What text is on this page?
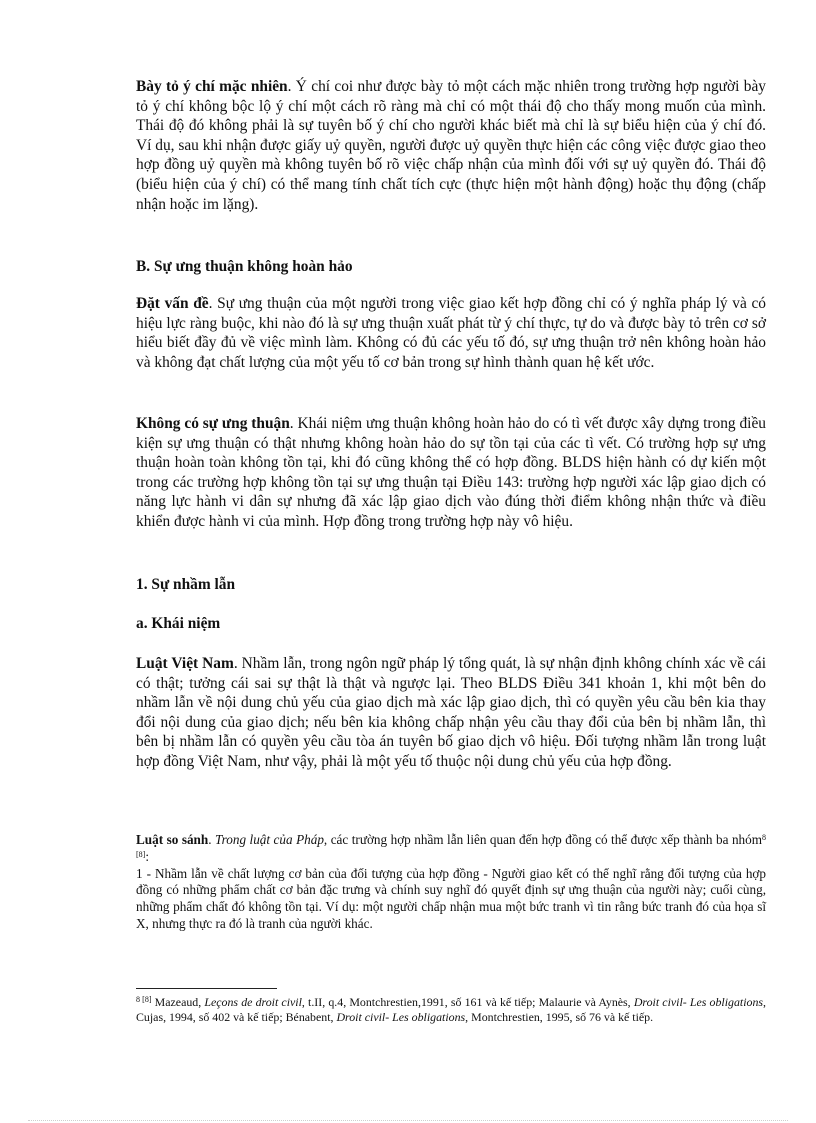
Bày tỏ ý chí mặc nhiên. Ý chí coi như được bày tỏ một cách mặc nhiên trong trường hợp người bày tỏ ý chí không bộc lộ ý chí một cách rõ ràng mà chỉ có một thái độ cho thấy mong muốn của mình. Thái độ đó không phải là sự tuyên bố ý chí cho người khác biết mà chỉ là sự biểu hiện của ý chí đó. Ví dụ, sau khi nhận được giấy uỷ quyền, người được uỷ quyền thực hiện các công việc được giao theo hợp đồng uỷ quyền mà không tuyên bố rõ việc chấp nhận của mình đối với sự uỷ quyền đó. Thái độ (biểu hiện của ý chí) có thể mang tính chất tích cực (thực hiện một hành động) hoặc thụ động (chấp nhận hoặc im lặng).

B. Sự ưng thuận không hoàn hảo

Đặt vấn đề. Sự ưng thuận của một người trong việc giao kết hợp đồng chỉ có ý nghĩa pháp lý và có hiệu lực ràng buộc, khi nào đó là sự ưng thuận xuất phát từ ý chí thực, tự do và được bày tỏ trên cơ sở hiểu biết đầy đủ về việc mình làm. Không có đủ các yếu tố đó, sự ưng thuận trở nên không hoàn hảo và không đạt chất lượng của một yếu tố cơ bản trong sự hình thành quan hệ kết ước.

Không có sự ưng thuận. Khái niệm ưng thuận không hoàn hảo do có tì vết được xây dựng trong điều kiện sự ưng thuận có thật nhưng không hoàn hảo do sự tồn tại của các tì vết. Có trường hợp sự ưng thuận hoàn toàn không tồn tại, khi đó cũng không thể có hợp đồng. BLDS hiện hành có dự kiến một trong các trường hợp không tồn tại sự ưng thuận tại Điều 143: trường hợp người xác lập giao dịch có năng lực hành vi dân sự nhưng đã xác lập giao dịch vào đúng thời điểm không nhận thức và điều khiển được hành vi của mình. Hợp đồng trong trường hợp này vô hiệu.

1. Sự nhầm lẫn
a. Khái niệm

Luật Việt Nam. Nhầm lẫn, trong ngôn ngữ pháp lý tổng quát, là sự nhận định không chính xác về cái có thật; tưởng cái sai sự thật là thật và ngược lại. Theo BLDS Điều 341 khoản 1, khi một bên do nhầm lẫn về nội dung chủ yếu của giao dịch mà xác lập giao dịch, thì có quyền yêu cầu bên kia thay đổi nội dung của giao dịch; nếu bên kia không chấp nhận yêu cầu thay đổi của bên bị nhầm lẫn, thì bên bị nhầm lẫn có quyền yêu cầu tòa án tuyên bố giao dịch vô hiệu. Đối tượng nhầm lẫn trong luật hợp đồng Việt Nam, như vậy, phải là một yếu tố thuộc nội dung chủ yếu của hợp đồng.

Luật so sánh. Trong luật của Pháp, các trường hợp nhầm lẫn liên quan đến hợp đồng có thể được xếp thành ba nhóm$^{8 [8]}$:

1 - Nhầm lẫn về chất lượng cơ bản của đối tượng của hợp đồng - Người giao kết có thể nghĩ rằng đối tượng của hợp đồng có những phẩm chất cơ bản đặc trưng và chính suy nghĩ đó quyết định sự ưng thuận của người này; cuối cùng, những phẩm chất đó không tồn tại. Ví dụ: một người chấp nhận mua một bức tranh vì tin rằng bức tranh đó của họa sĩ X, nhưng thực ra đó là tranh của người khác.

$^{8 [8]}$ Mazeaud, Leçons de droit civil, t.II, q.4, Montchrestien,1991, số 161 và kế tiếp; Malaurie và Aynès, Droit civil- Les obligations, Cujas, 1994, số 402 và kế tiếp; Bénabent, Droit civil- Les obligations, Montchrestien, 1995, số 76 và kế tiếp.
